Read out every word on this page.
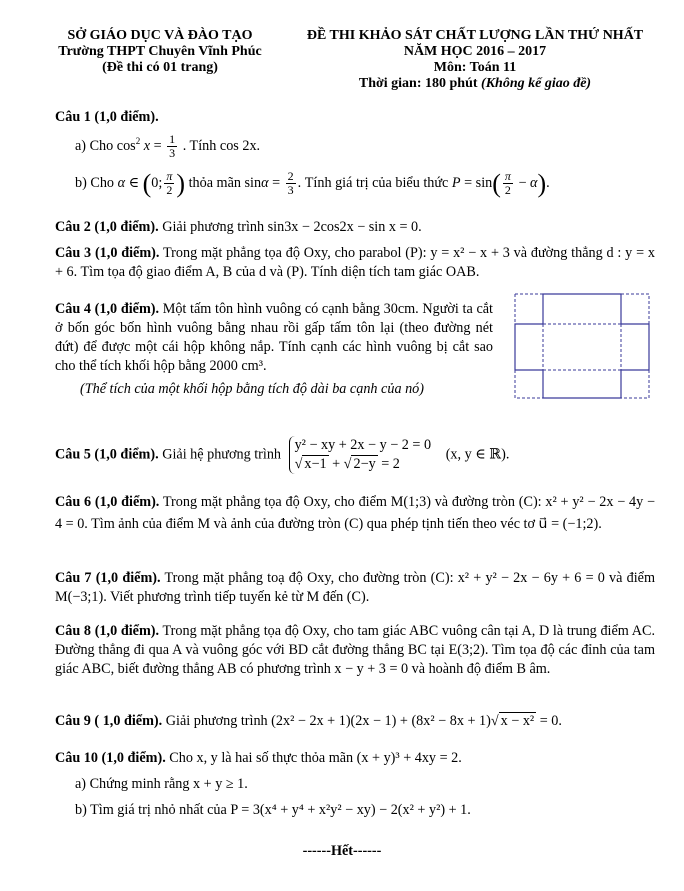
SỞ GIÁO DỤC VÀ ĐÀO TẠO
Trường THPT Chuyên Vĩnh Phúc
(Đề thi có 01 trang)
ĐỀ THI KHẢO SÁT CHẤT LƯỢNG LẦN THỨ NHẤT
NĂM HỌC 2016 – 2017
Môn: Toán 11
Thời gian: 180 phút (Không kể giao đề)
Câu 1 (1,0 điểm).
a) Cho $\cos^2 x = \frac{1}{3}$ . Tính cos 2x.
b) Cho α ∈ (0; $\frac{\pi}{2}$ ) thỏa mãn $\sin\alpha = \frac{2}{3}$ . Tính giá trị của biểu thức $P = \sin( \frac{\pi}{2} - \alpha)$.
Câu 2 (1,0 điểm). Giải phương trình sin3x − 2cos2x − sin x = 0.
Câu 3 (1,0 điểm). Trong mặt phẳng tọa độ Oxy, cho parabol (P): y = x² − x + 3 và đường thẳng d : y = x + 6. Tìm tọa độ giao điểm A, B của d và (P). Tính diện tích tam giác OAB.
Câu 4 (1,0 điểm). Một tấm tôn hình vuông có cạnh bằng 30cm. Người ta cắt ở bốn góc bốn hình vuông bằng nhau rồi gấp tấm tôn lại (theo đường nét đứt) để được một cái hộp không nắp. Tính cạnh các hình vuông bị cắt sao cho thể tích khối hộp bằng 2000 cm³.
(Thể tích của một khối hộp bằng tích độ dài ba cạnh của nó)
Câu 5 (1,0 điểm). Giải hệ phương trình
y² − xy + 2x − y − 2 = 0
√ x−1 + √ 2−y = 2
(x, y ∈ ℝ).
Câu 6 (1,0 điểm). Trong mặt phẳng tọa độ Oxy, cho điểm M(1;3) và đường tròn (C): x² + y² − 2x − 4y − 4 = 0. Tìm ảnh của điểm M và ảnh của đường tròn (C) qua phép tịnh tiến theo véc tơ u⃗ = (−1;2).
Câu 7 (1,0 điểm). Trong mặt phẳng toạ độ Oxy, cho đường tròn (C): x² + y² − 2x − 6y + 6 = 0 và điểm M(−3;1). Viết phương trình tiếp tuyến kẻ từ M đến (C).
Câu 8 (1,0 điểm). Trong mặt phẳng tọa độ Oxy, cho tam giác ABC vuông cân tại A, D là trung điểm AC. Đường thẳng đi qua A và vuông góc với BD cắt đường thẳng BC tại E(3;2). Tìm tọa độ các đỉnh của tam giác ABC, biết đường thẳng AB có phương trình x − y + 3 = 0 và hoành độ điểm B âm.
Câu 9 ( 1,0 điểm). Giải phương trình (2x² − 2x + 1)(2x − 1) + (8x² − 8x + 1)√ x − x² = 0.
Câu 10 (1,0 điểm). Cho x, y là hai số thực thỏa mãn (x + y)³ + 4xy = 2.
a) Chứng minh rằng x + y ≥ 1.
b) Tìm giá trị nhỏ nhất của P = 3(x⁴ + y⁴ + x²y² − xy) − 2(x² + y²) + 1.
------Hết------
